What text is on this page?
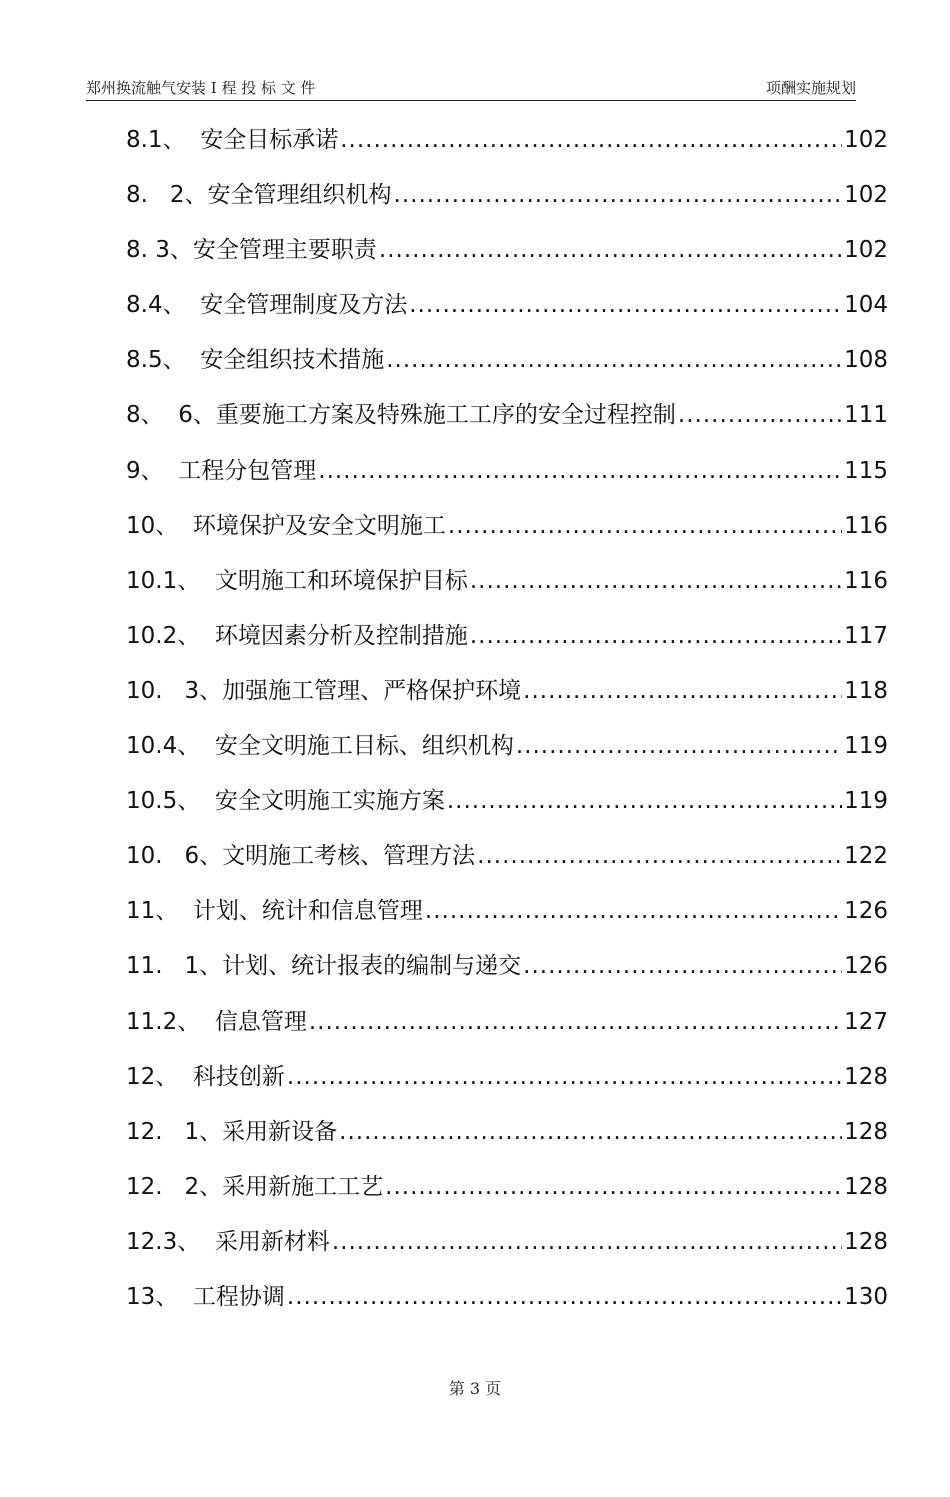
郑州换流触气安装 I 程 投 标 文 件	项酬实施规划
8.1、 安全目标承诺 .....	102
8.   2、 安全管理组织机构 .....	102
8. 3、 安全管理主要职责 .....	102
8.4、 安全管理制度及方法 .....	104
8.5、 安全组织技术措施 .....	108
8、  6、 重要施工方案及特殊施工工序的安全过程控制 .....	111
9、 工程分包管理 .....	115
10、 环境保护及安全文明施工 .....	116
10.1、 文明施工和环境保护目标 .....	116
10.2、 环境因素分析及控制措施 .....	117
10.   3、 加强施工管理、严格保护环境 .....	118
10.4、 安全文明施工目标、组织机构 .....	119
10.5、 安全文明施工实施方案 .....	119
10.   6、 文明施工考核、管理方法 .....	122
11、 计划、统计和信息管理 .....	126
11.   1、 计划、统计报表的编制与递交 .....	126
11.2、 信息管理 .....	127
12、 科技创新 .....	128
12.   1、 采用新设备 .....	128
12.   2、 采用新施工工艺 .....	128
12.3、 采用新材料 .....	128
13、 工程协调 .....	130
第 3 页
